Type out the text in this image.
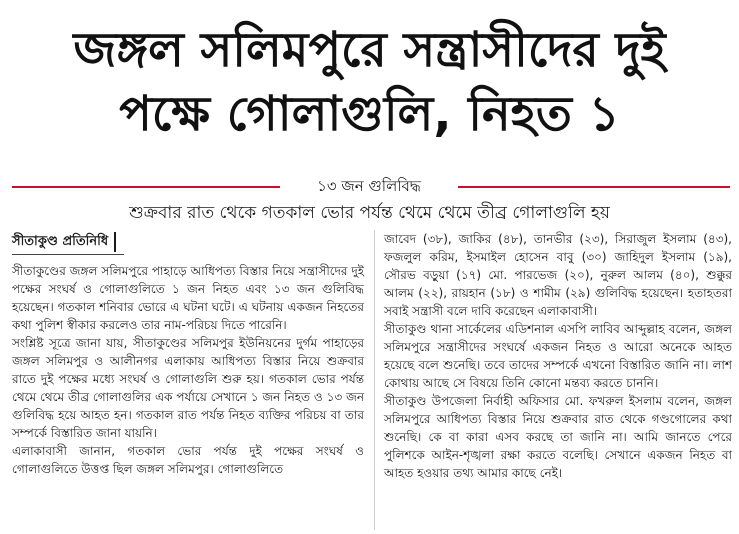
জঙ্গল সলিমপুরে সন্ত্রাসীদের দুই
পক্ষে গোলাগুলি, নিহত ১
১৩ জন গুলিবিদ্ধ
শুক্রবার রাত থেকে গতকাল ভোর পর্যন্ত থেমে থেমে তীব্র গোলাগুলি হয়
সীতাকুণ্ড প্রতিনিধি

সীতাকুণ্ডের জঙ্গল সলিমপুরে পাহাড়ে আধিপত্য বিস্তার নিয়ে সন্ত্রাসীদের দুই পক্ষের সংঘর্ষ ও গোলাগুলিতে ১ জন নিহত এবং ১৩ জন গুলিবিদ্ধ হয়েছেন। গতকাল শনিবার ভোরে এ ঘটনা ঘটে। এ ঘটনায় একজন নিহতের কথা পুলিশ স্বীকার করলেও তার নাম-পরিচয় দিতে পারেনি।

সংশ্লিষ্ট সূত্রে জানা যায়, সীতাকুণ্ডের সলিমপুর ইউনিয়নের দুর্গম পাহাড়ের জঙ্গল সলিমপুর ও আলীনগর এলাকায় আধিপত্য বিস্তার নিয়ে শুক্রবার রাতে দুই পক্ষের মধ্যে সংঘর্ষ ও গোলাগুলি শুরু হয়। গতকাল ভোর পর্যন্ত থেমে থেমে তীব্র গোলাগুলির এক পর্যায়ে সেখানে ১ জন নিহত ও ১৩ জন গুলিবিদ্ধ হয়ে আহত হন। গতকাল রাত পর্যন্ত নিহত ব্যক্তির পরিচয় বা তার সম্পর্কে বিস্তারিত জানা যায়নি।

এলাকাবাসী জানান, গতকাল ভোর পর্যন্ত দুই পক্ষের সংঘর্ষ ও গোলাগুলিতে উত্তপ্ত ছিল জঙ্গল সলিমপুর। গোলাগুলিতে

জাবেদ (৩৮), জাকির (৪৮), তানভীর (২৩), সিরাজুল ইসলাম (৪৩), ফজলুল করিম, ইসমাইল হোসেন বাবু (৩০) জাহিদুল ইসলাম (১৯), সৌরভ বড়ুয়া (১৭) মো. পারভেজ (২০), নুরুল আলম (৪০), শুক্কুর আলম (২২), রায়হান (১৮) ও শামীম (২৯) গুলিবিদ্ধ হয়েছেন। হতাহতরা সবাই সন্ত্রাসী বলে দাবি করেছেন এলাকাবাসী।

সীতাকুণ্ড থানা সার্কেলের এডিশনাল এসপি লাবিব আব্দুল্লাহ বলেন, জঙ্গল সলিমপুরে সন্ত্রাসীদের সংঘর্ষে একজন নিহত ও আরো অনেকে আহত হয়েছে বলে শুনেছি। তবে তাদের সম্পর্কে এখনো বিস্তারিত জানি না। লাশ কোথায় আছে সে বিষয়ে তিনি কোনো মন্তব্য করতে চাননি।

সীতাকুণ্ড উপজেলা নির্বাহী অফিসার মো. ফখরুল ইসলাম বলেন, জঙ্গল সলিমপুরে আধিপত্য বিস্তার নিয়ে শুক্রবার রাত থেকে গণ্ডগোলের কথা শুনেছি। কে বা কারা এসব করছে তা জানি না। আমি জানতে পেরে পুলিশকে আইন-শৃঙ্খলা রক্ষা করতে বলেছি। সেখানে একজন নিহত বা আহত হওয়ার তথ্য আমার কাছে নেই।
